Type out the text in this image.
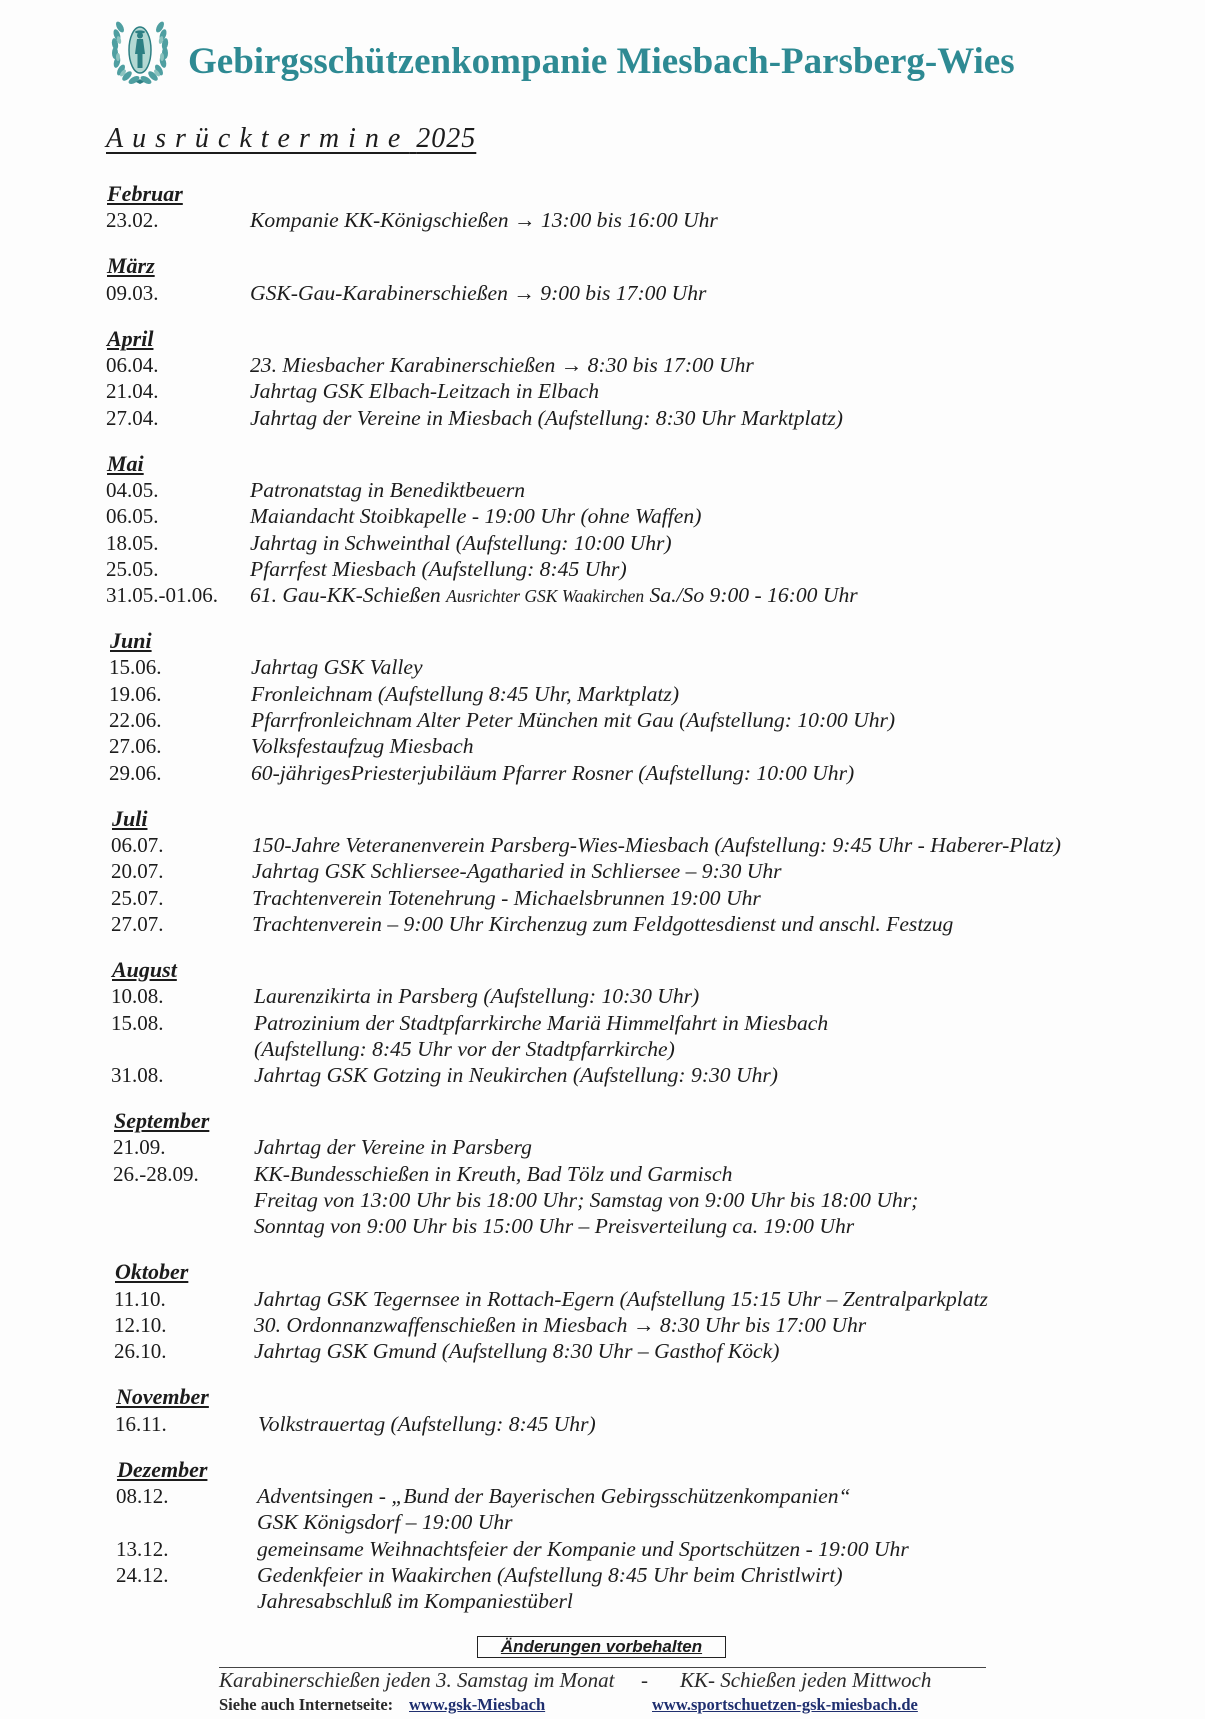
Gebirgsschützenkompanie Miesbach-Parsberg-Wies
Ausrücktermine 2025
Februar
23.02.	Kompanie KK-Königschießen → 13:00 bis 16:00 Uhr
März
09.03.	GSK-Gau-Karabinerschießen → 9:00 bis 17:00 Uhr
April
06.04.	23. Miesbacher Karabinerschießen → 8:30 bis 17:00 Uhr
21.04.	Jahrtag GSK Elbach-Leitzach in Elbach
27.04.	Jahrtag der Vereine in Miesbach (Aufstellung: 8:30 Uhr Marktplatz)
Mai
04.05.	Patronatstag in Benediktbeuern
06.05.	Maiandacht Stoibkapelle - 19:00 Uhr (ohne Waffen)
18.05.	Jahrtag in Schweinthal (Aufstellung: 10:00 Uhr)
25.05.	Pfarrfest Miesbach (Aufstellung: 8:45 Uhr)
31.05.-01.06. 61. Gau-KK-Schießen Ausrichter GSK Waakirchen Sa./So 9:00 - 16:00 Uhr
Juni
15.06.	Jahrtag GSK Valley
19.06.	Fronleichnam (Aufstellung 8:45 Uhr, Marktplatz)
22.06.	Pfarrfronleichnam Alter Peter München mit Gau (Aufstellung: 10:00 Uhr)
27.06.	Volksfestaufzug Miesbach
29.06.	60-jährigesPriesterjubiläum Pfarrer Rosner (Aufstellung: 10:00 Uhr)
Juli
06.07.	150-Jahre Veteranenverein Parsberg-Wies-Miesbach (Aufstellung: 9:45 Uhr - Haberer-Platz)
20.07.	Jahrtag GSK Schliersee-Agatharied in Schliersee – 9:30 Uhr
25.07.	Trachtenverein Totenehrung - Michaelsbrunnen 19:00 Uhr
27.07.	Trachtenverein – 9:00 Uhr Kirchenzug zum Feldgottesdienst und anschl. Festzug
August
10.08.	Laurenzikirta in Parsberg (Aufstellung: 10:30 Uhr)
15.08.	Patrozinium der Stadtpfarrkirche Mariä Himmelfahrt in Miesbach
(Aufstellung: 8:45 Uhr vor der Stadtpfarrkirche)
31.08.	Jahrtag GSK Gotzing in Neukirchen (Aufstellung: 9:30 Uhr)
September
21.09.	Jahrtag der Vereine in Parsberg
26.-28.09.	KK-Bundesschießen in Kreuth, Bad Tölz und Garmisch
Freitag von 13:00 Uhr bis 18:00 Uhr; Samstag von 9:00 Uhr bis 18:00 Uhr;
Sonntag von 9:00 Uhr bis 15:00 Uhr – Preisverteilung ca. 19:00 Uhr
Oktober
11.10.	Jahrtag GSK Tegernsee in Rottach-Egern (Aufstellung 15:15 Uhr – Zentralparkplatz
12.10.	30. Ordonnanzwaffenschießen in Miesbach → 8:30 Uhr bis 17:00 Uhr
26.10.	Jahrtag GSK Gmund (Aufstellung 8:30 Uhr – Gasthof Köck)
November
16.11.	Volkstrauertag (Aufstellung: 8:45 Uhr)
Dezember
08.12.	Adventsingen - „Bund der Bayerischen Gebirgsschützenkompanien“
GSK Königsdorf – 19:00 Uhr
13.12.	gemeinsame Weihnachtsfeier der Kompanie und Sportschützen - 19:00 Uhr
24.12.	Gedenkfeier in Waakirchen (Aufstellung 8:45 Uhr beim Christlwirt)
Jahresabschluß im Kompaniestüberl
Änderungen vorbehalten
Karabinerschießen jeden 3. Samstag im Monat - KK- Schießen jeden Mittwoch
Siehe auch Internetseite: www.gsk-Miesbach	www.sportschuetzen-gsk-miesbach.de
